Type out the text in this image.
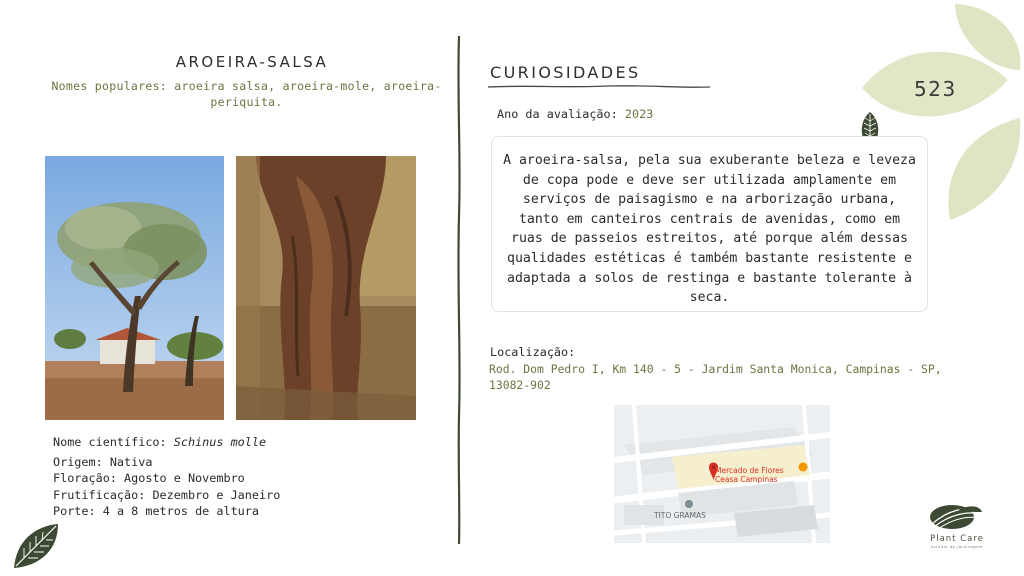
AROEIRA-SALSA
Nomes populares: aroeira salsa, aroeira-mole, aroeira-periquita.
Nome científico: Schinus molle
Origem: Nativa
Floração: Agosto e Novembro
Frutificação: Dezembro e Janeiro
Porte: 4 a 8 metros de altura
CURIOSIDADES
Ano da avaliação: 2023
A aroeira-salsa, pela sua exuberante beleza e leveza de copa pode e deve ser utilizada amplamente em serviços de paisagismo e na arborização urbana, tanto em canteiros centrais de avenidas, como em ruas de passeios estreitos, até porque além dessas qualidades estéticas é também bastante resistente e adaptada a solos de restinga e bastante tolerante à seca.
Localização:
Rod. Dom Pedro I, Km 140 - 5 - Jardim Santa Monica, Campinas - SP, 13082-902
Mercado de Flores
Ceasa Campinas
TITO GRAMAS
523
Plant Care
estúdio de jardinagem
